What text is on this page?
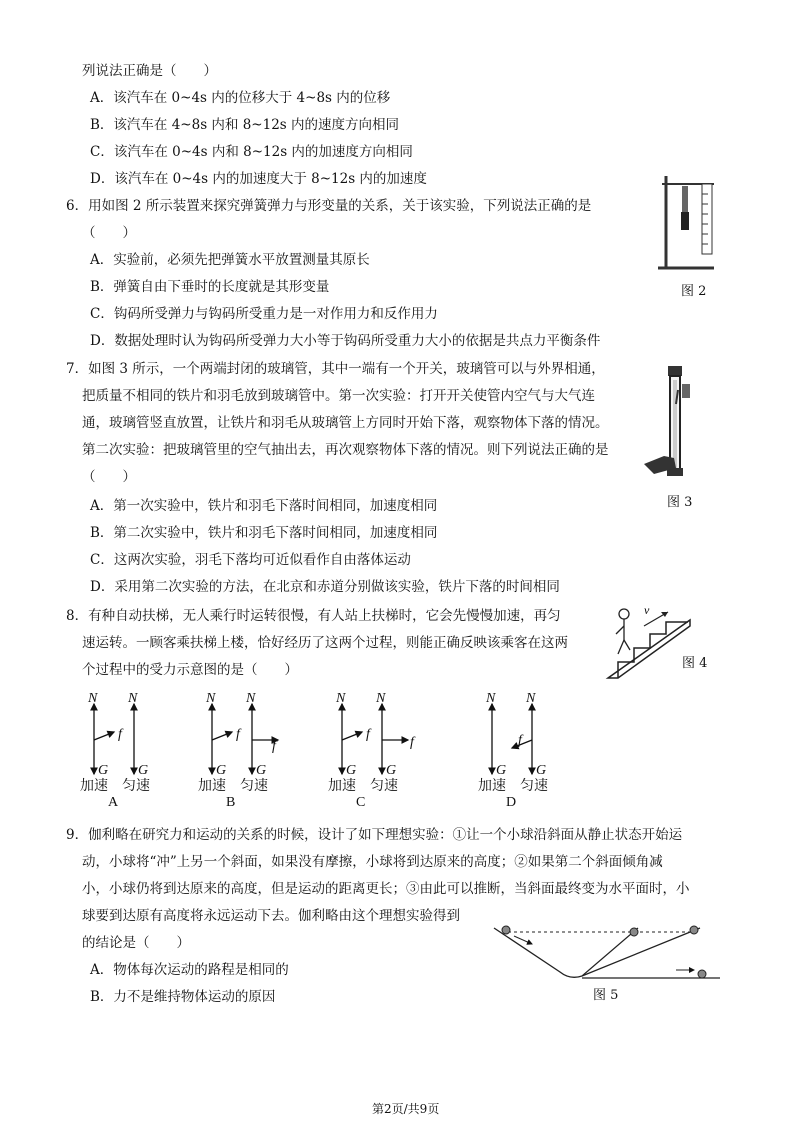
列说法正确是（　　）
A．该汽车在 0~4s 内的位移大于 4~8s 内的位移
B．该汽车在 4~8s 内和 8~12s 内的速度方向相同
C．该汽车在 0~4s 内和 8~12s 内的加速度方向相同
D．该汽车在 0~4s 内的加速度大于 8~12s 内的加速度
6．用如图 2 所示装置来探究弹簧弹力与形变量的关系，关于该实验，下列说法正确的是
（　　）
A．实验前，必须先把弹簧水平放置测量其原长
B．弹簧自由下垂时的长度就是其形变量
C．钩码所受弹力与钩码所受重力是一对作用力和反作用力
D．数据处理时认为钩码所受弹力大小等于钩码所受重力大小的依据是共点力平衡条件
图 2
7．如图 3 所示，一个两端封闭的玻璃管，其中一端有一个开关，玻璃管可以与外界相通，
把质量不相同的铁片和羽毛放到玻璃管中。第一次实验：打开开关使管内空气与大气连
通，玻璃管竖直放置，让铁片和羽毛从玻璃管上方同时开始下落，观察物体下落的情况。
第二次实验：把玻璃管里的空气抽出去，再次观察物体下落的情况。则下列说法正确的是
（　　）
A．第一次实验中，铁片和羽毛下落时间相同，加速度相同
B．第二次实验中，铁片和羽毛下落时间相同，加速度相同
C．这两次实验，羽毛下落均可近似看作自由落体运动
D．采用第二次实验的方法，在北京和赤道分别做该实验，铁片下落的时间相同
图 3
8．有种自动扶梯，无人乘行时运转很慢，有人站上扶梯时，它会先慢慢加速，再匀
速运转。一顾客乘扶梯上楼，恰好经历了这两个过程，则能正确反映该乘客在这两
个过程中的受力示意图的是（　　）
v
图 4
N
G
f
N
G
加速 匀速
A
N
G
f
N
G
f
加速 匀速
B
N
G
f
N
G
f
加速 匀速
C
N
G
f
N
G
加速 匀速
D
9．伽利略在研究力和运动的关系的时候，设计了如下理想实验：①让一个小球沿斜面从静止状态开始运
动，小球将“冲”上另一个斜面，如果没有摩擦，小球将到达原来的高度；②如果第二个斜面倾角减
小，小球仍将到达原来的高度，但是运动的距离更长；③由此可以推断，当斜面最终变为水平面时，小
球要到达原有高度将永远运动下去。伽利略由这个理想实验得到
的结论是（　　）
A．物体每次运动的路程是相同的
B．力不是维持物体运动的原因	图 5
第2页/共9页
